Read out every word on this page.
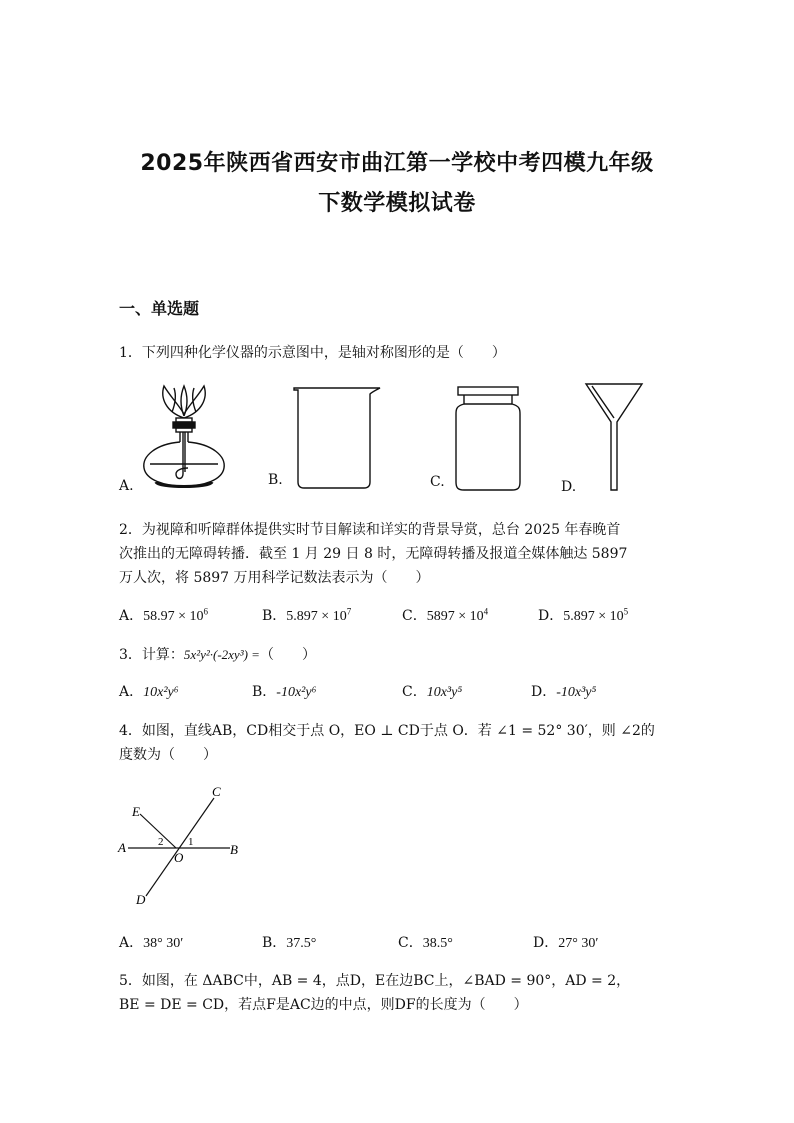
2025年陕西省西安市曲江第一学校中考四模九年级
下数学模拟试卷
一、单选题
1．下列四种化学仪器的示意图中，是轴对称图形的是（　　）
A.	B.	C.	D.
2．为视障和听障群体提供实时节目解读和详实的背景导赏，总台 2025 年春晚首
次推出的无障碍转播．截至 1 月 29 日 8 时，无障碍转播及报道全媒体触达 5897
万人次，将 5897 万用科学记数法表示为（　　）
A．$58.97 \times 10^6$	B．$5.897 \times 10^7$	C．$5897 \times 10^4$	D．$5.897 \times 10^5$
3．计算：5x²y²·(-2xy³) =（　　）
A．10x²y⁶	B．-10x²y⁶	C．10x³y⁵	D．-10x³y⁵
4．如图，直线AB，CD相交于点 O，EO ⊥ CD于点 O．若 ∠1 = 52° 30′，则 ∠2的
度数为（　　）
C
E
A	B
D
O
1
2
A．38° 30′	B．37.5°	C．38.5°	D．27° 30′
5．如图，在 ΔABC中，AB = 4，点D，E在边BC上，∠BAD = 90°，AD = 2，
BE = DE = CD，若点F是AC边的中点，则DF的长度为（　　）
